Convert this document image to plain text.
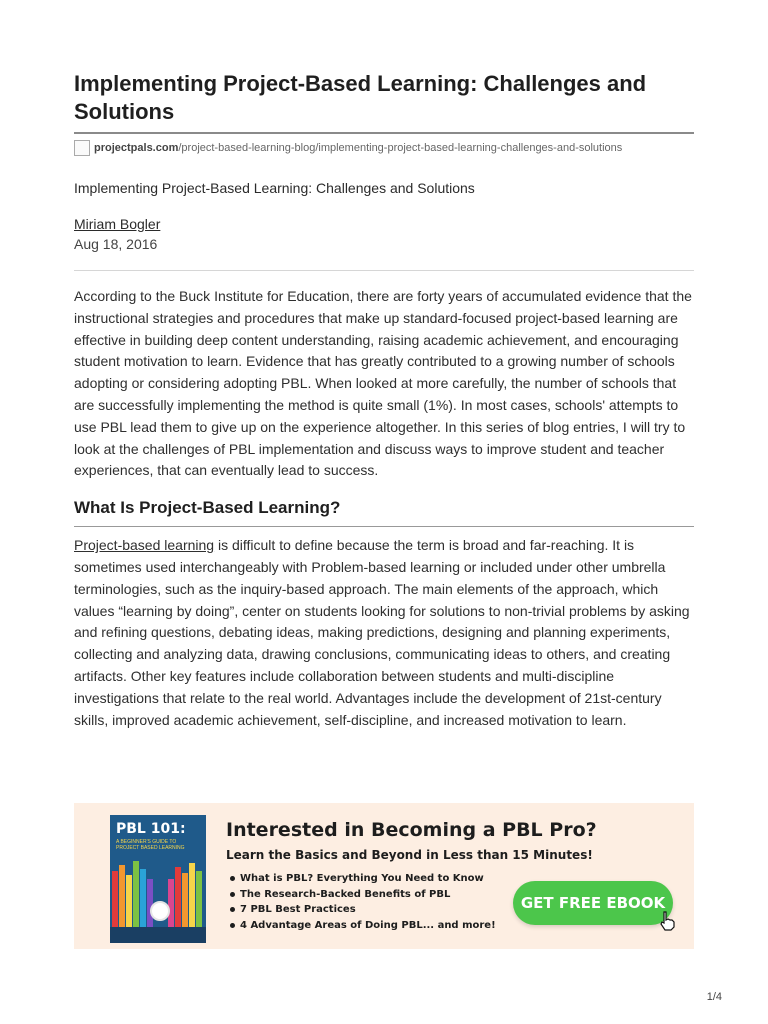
Implementing Project-Based Learning: Challenges and Solutions
projectpals.com /project-based-learning-blog/implementing-project-based-learning-challenges-and-solutions
Implementing Project-Based Learning: Challenges and Solutions
Miriam Bogler
Aug 18, 2016

According to the Buck Institute for Education, there are forty years of accumulated evidence that the instructional strategies and procedures that make up standard-focused project-based learning are effective in building deep content understanding, raising academic achievement, and encouraging student motivation to learn. Evidence that has greatly contributed to a growing number of schools adopting or considering adopting PBL. When looked at more carefully, the number of schools that are successfully implementing the method is quite small (1%). In most cases, schools' attempts to use PBL lead them to give up on the experience altogether. In this series of blog entries, I will try to look at the challenges of PBL implementation and discuss ways to improve student and teacher experiences, that can eventually lead to success.

What Is Project-Based Learning?

Project-based learning is difficult to define because the term is broad and far-reaching. It is sometimes used interchangeably with Problem-based learning or included under other umbrella terminologies, such as the inquiry-based approach. The main elements of the approach, which values “learning by doing”, center on students looking for solutions to non-trivial problems by asking and refining questions, debating ideas, making predictions, designing and planning experiments, collecting and analyzing data, drawing conclusions, communicating ideas to others, and creating artifacts. Other key features include collaboration between students and multi-discipline investigations that relate to the real world. Advantages include the development of 21st-century skills, improved academic achievement, self-discipline, and increased motivation to learn.

PBL 101:
A BEGINNER'S GUIDE TO PROJECT BASED LEARNING
Interested in Becoming a PBL Pro?
Learn the Basics and Beyond in Less than 15 Minutes!
What is PBL? Everything You Need to Know
The Research-Backed Benefits of PBL
7 PBL Best Practices
4 Advantage Areas of Doing PBL... and more!
GET FREE EBOOK
1/4
